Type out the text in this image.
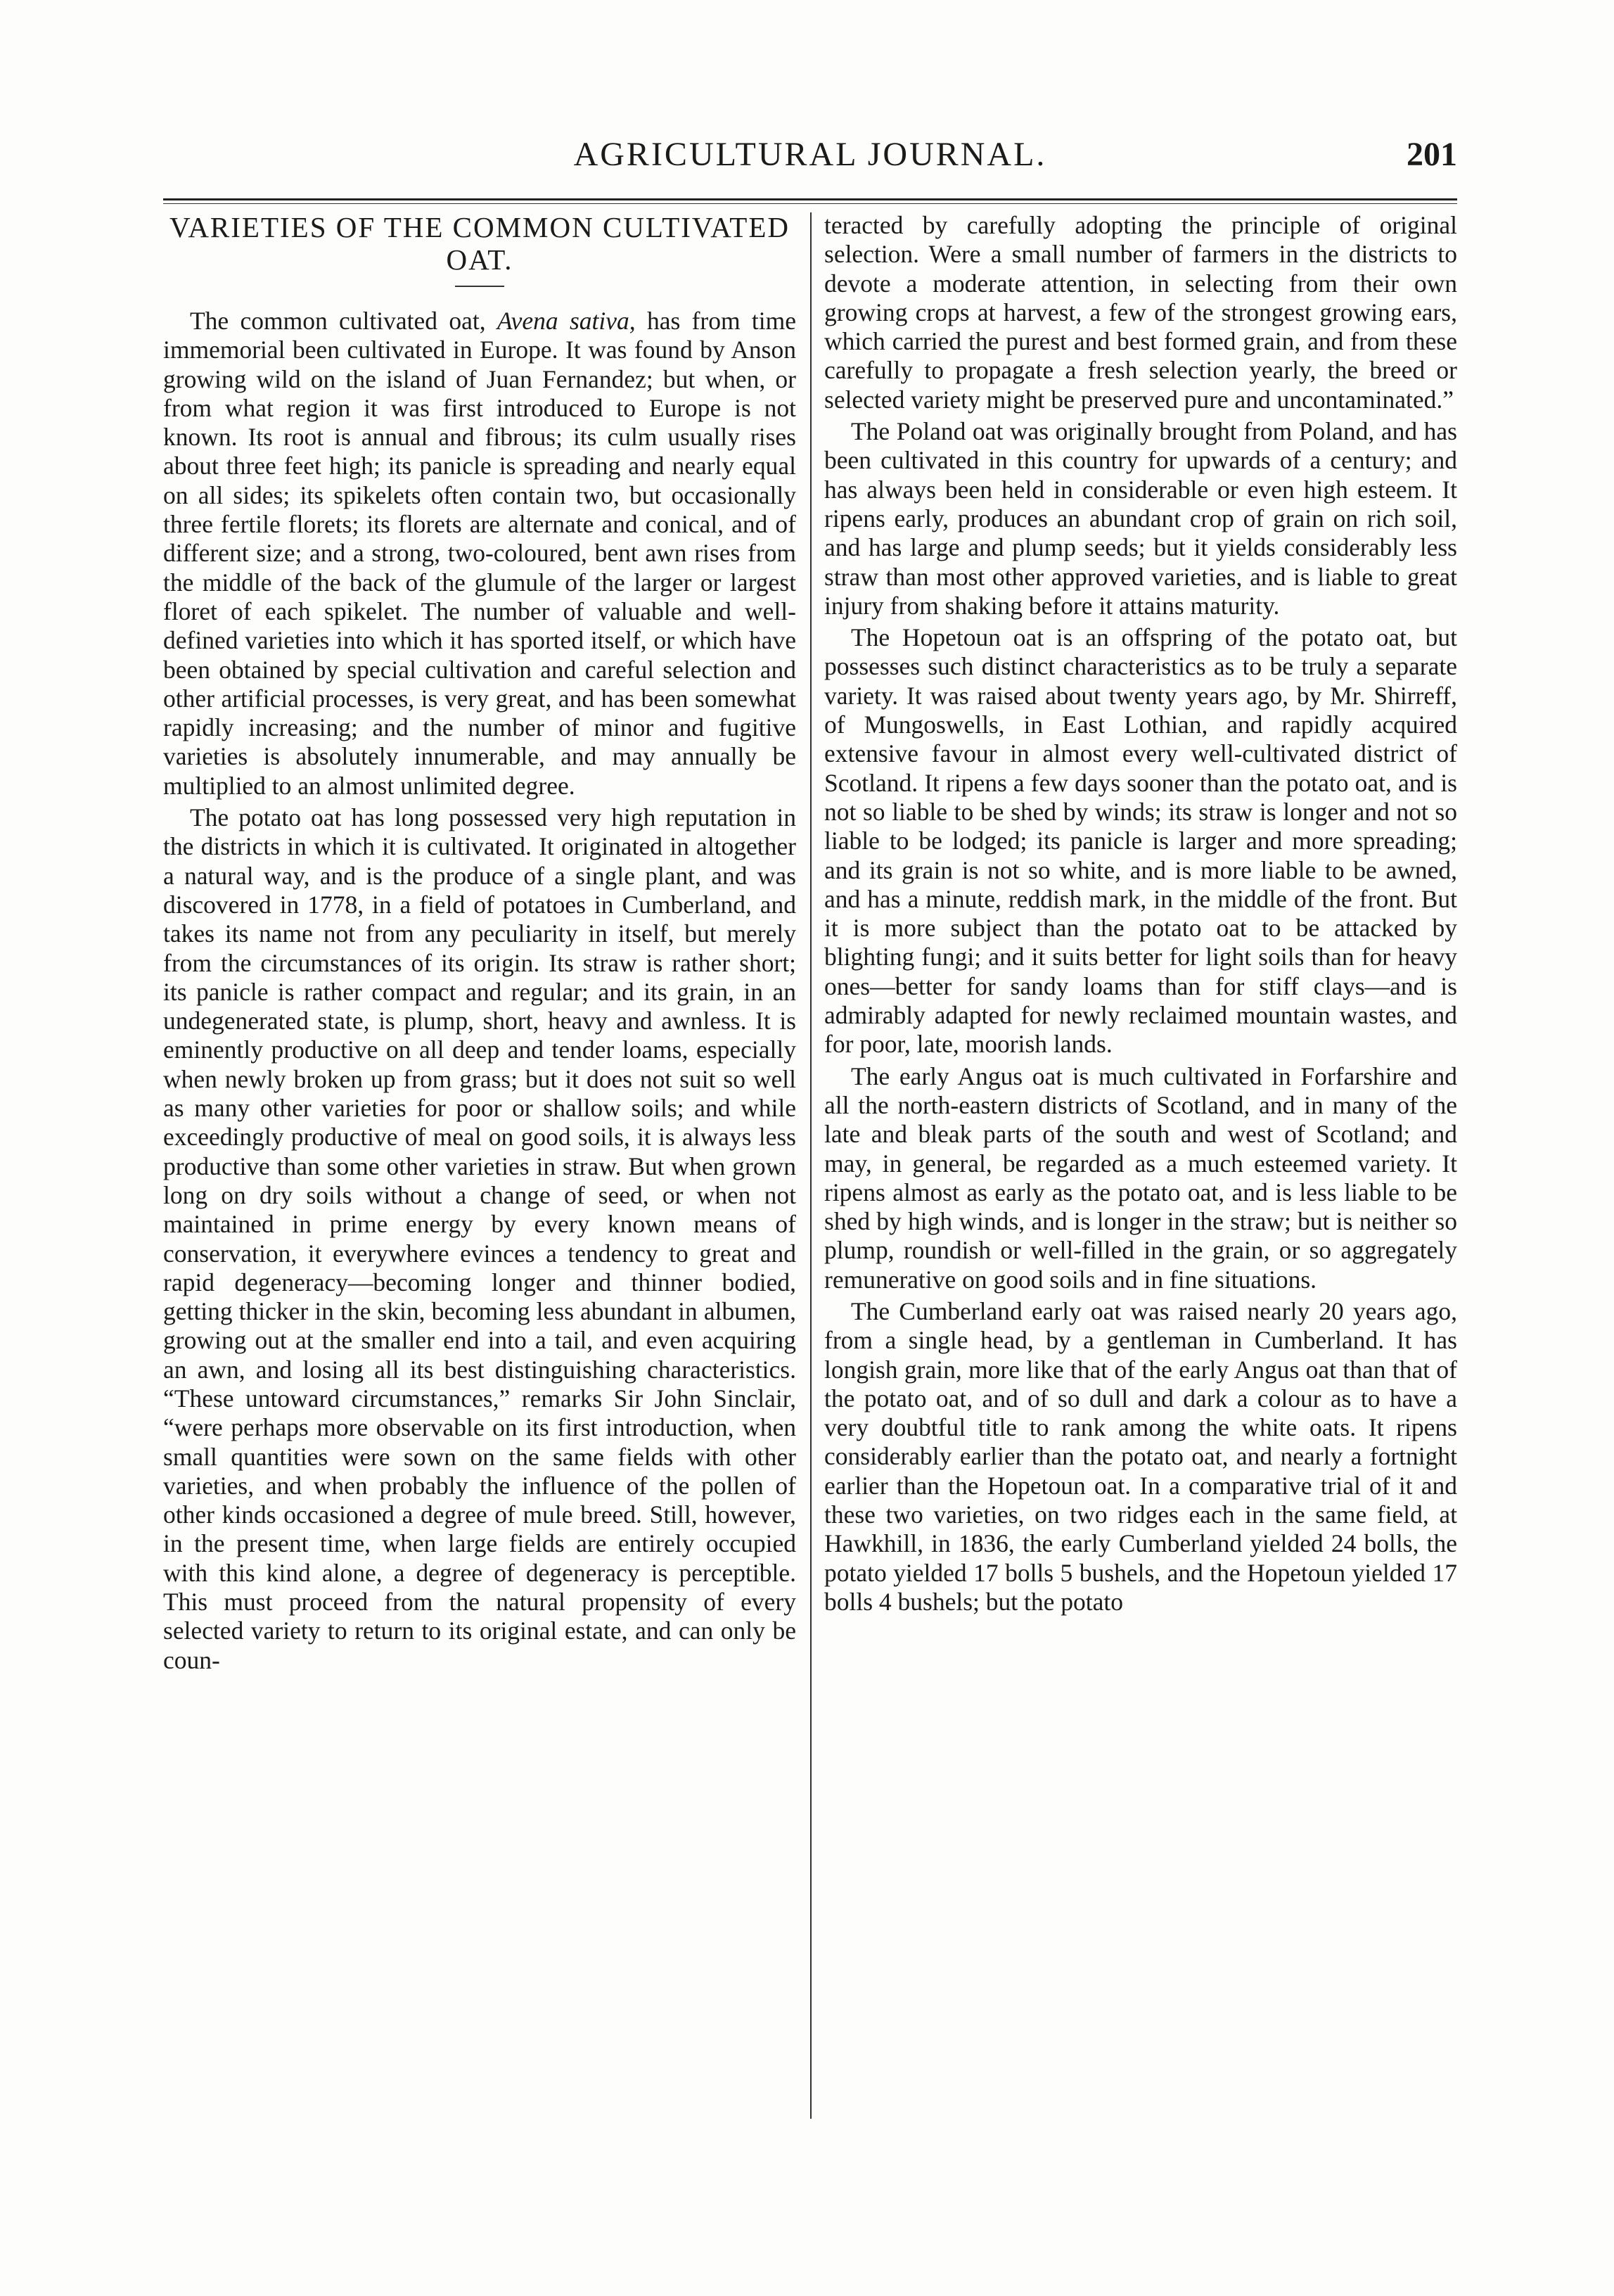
AGRICULTURAL JOURNAL.	201
VARIETIES OF THE COMMON CULTIVATED OAT.

The common cultivated oat, Avena sativa, has from time immemorial been cultivated in Europe. It was found by Anson growing wild on the island of Juan Fernandez; but when, or from what region it was first introduced to Europe is not known. Its root is annual and fibrous; its culm usually rises about three feet high; its panicle is spreading and nearly equal on all sides; its spikelets often contain two, but occasionally three fertile florets; its florets are alternate and conical, and of different size; and a strong, two-coloured, bent awn rises from the middle of the back of the glumule of the larger or largest floret of each spikelet. The number of valuable and well-defined varieties into which it has sported itself, or which have been obtained by special cultivation and careful selection and other artificial processes, is very great, and has been somewhat rapidly increasing; and the number of minor and fugitive varieties is absolutely innumerable, and may annually be multiplied to an almost unlimited degree.

The potato oat has long possessed very high reputation in the districts in which it is cultivated. It originated in altogether a natural way, and is the produce of a single plant, and was discovered in 1778, in a field of potatoes in Cumberland, and takes its name not from any peculiarity in itself, but merely from the circumstances of its origin. Its straw is rather short; its panicle is rather compact and regular; and its grain, in an undegenerated state, is plump, short, heavy and awnless. It is eminently productive on all deep and tender loams, especially when newly broken up from grass; but it does not suit so well as many other varieties for poor or shallow soils; and while exceedingly productive of meal on good soils, it is always less productive than some other varieties in straw. But when grown long on dry soils without a change of seed, or when not maintained in prime energy by every known means of conservation, it everywhere evinces a tendency to great and rapid degeneracy—becoming longer and thinner bodied, getting thicker in the skin, becoming less abundant in albumen, growing out at the smaller end into a tail, and even acquiring an awn, and losing all its best distinguishing characteristics. “These untoward circumstances,” remarks Sir John Sinclair, “were perhaps more observable on its first introduction, when small quantities were sown on the same fields with other varieties, and when probably the influence of the pollen of other kinds occasioned a degree of mule breed. Still, however, in the present time, when large fields are entirely occupied with this kind alone, a degree of degeneracy is perceptible. This must proceed from the natural propensity of every selected variety to return to its original estate, and can only be coun-

teracted by carefully adopting the principle of original selection. Were a small number of farmers in the districts to devote a moderate attention, in selecting from their own growing crops at harvest, a few of the strongest growing ears, which carried the purest and best formed grain, and from these carefully to propagate a fresh selection yearly, the breed or selected variety might be preserved pure and uncontaminated.”

The Poland oat was originally brought from Poland, and has been cultivated in this country for upwards of a century; and has always been held in considerable or even high esteem. It ripens early, produces an abundant crop of grain on rich soil, and has large and plump seeds; but it yields considerably less straw than most other approved varieties, and is liable to great injury from shaking before it attains maturity.

The Hopetoun oat is an offspring of the potato oat, but possesses such distinct characteristics as to be truly a separate variety. It was raised about twenty years ago, by Mr. Shirreff, of Mungoswells, in East Lothian, and rapidly acquired extensive favour in almost every well-cultivated district of Scotland. It ripens a few days sooner than the potato oat, and is not so liable to be shed by winds; its straw is longer and not so liable to be lodged; its panicle is larger and more spreading; and its grain is not so white, and is more liable to be awned, and has a minute, reddish mark, in the middle of the front. But it is more subject than the potato oat to be attacked by blighting fungi; and it suits better for light soils than for heavy ones—better for sandy loams than for stiff clays—and is admirably adapted for newly reclaimed mountain wastes, and for poor, late, moorish lands.

The early Angus oat is much cultivated in Forfarshire and all the north-eastern districts of Scotland, and in many of the late and bleak parts of the south and west of Scotland; and may, in general, be regarded as a much esteemed variety. It ripens almost as early as the potato oat, and is less liable to be shed by high winds, and is longer in the straw; but is neither so plump, roundish or well-filled in the grain, or so aggregately remunerative on good soils and in fine situations.

The Cumberland early oat was raised nearly 20 years ago, from a single head, by a gentleman in Cumberland. It has longish grain, more like that of the early Angus oat than that of the potato oat, and of so dull and dark a colour as to have a very doubtful title to rank among the white oats. It ripens considerably earlier than the potato oat, and nearly a fortnight earlier than the Hopetoun oat. In a comparative trial of it and these two varieties, on two ridges each in the same field, at Hawkhill, in 1836, the early Cumberland yielded 24 bolls, the potato yielded 17 bolls 5 bushels, and the Hopetoun yielded 17 bolls 4 bushels; but the potato
